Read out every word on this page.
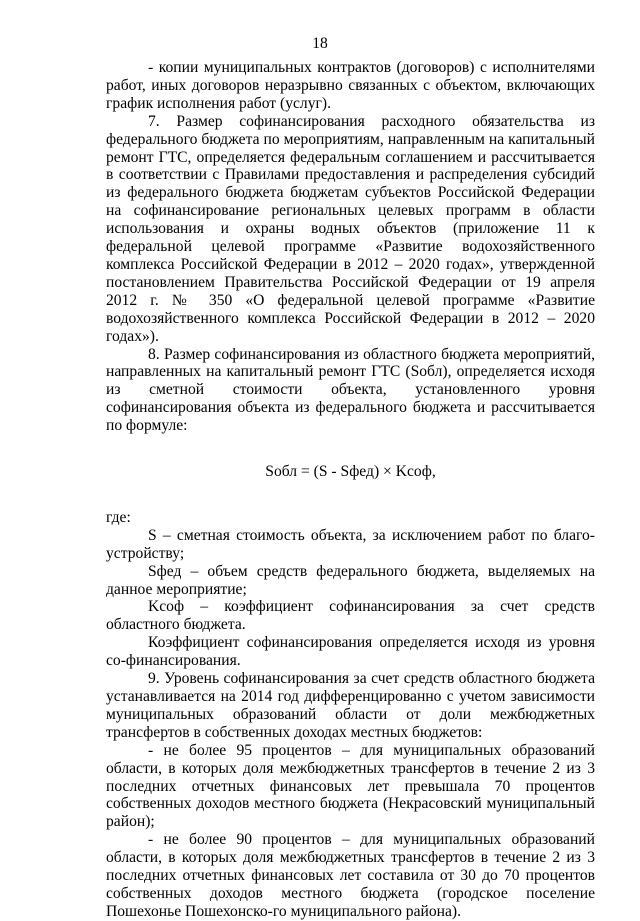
18

- копии муниципальных контрактов (договоров) с исполнителями работ, иных договоров неразрывно связанных с объектом, включающих график исполнения работ (услуг).

7. Размер софинансирования расходного обязательства из федерального бюджета по мероприятиям, направленным на капитальный ремонт ГТС, определяется федеральным соглашением и рассчитывается в соответствии с Правилами предоставления и распределения субсидий из федерального бюджета бюджетам субъектов Российской Федерации на софинансирование региональных целевых программ в области использования и охраны водных объектов (приложение 11 к федеральной целевой программе «Развитие водохозяйственного комплекса Российской Федерации в 2012 – 2020 годах», утвержденной постановлением Правительства Российской Федерации от 19 апреля 2012 г. № 350 «О федеральной целевой программе «Развитие водохозяйственного комплекса Российской Федерации в 2012 – 2020 годах»).

8. Размер софинансирования из областного бюджета мероприятий, направленных на капитальный ремонт ГТС (Sобл), определяется исходя из сметной стоимости объекта, установленного уровня софинансирования объекта из федерального бюджета и рассчитывается по формуле:

Sобл = (S - Sфед) × Kсоф,

где:

S – сметная стоимость объекта, за исключением работ по благо-устройству;

Sфед – объем средств федерального бюджета, выделяемых на данное мероприятие;

Kсоф – коэффициент софинансирования за счет средств областного бюджета.

Коэффициент софинансирования определяется исходя из уровня со-финансирования.

9. Уровень софинансирования за счет средств областного бюджета устанавливается на 2014 год дифференцированно с учетом зависимости муниципальных образований области от доли межбюджетных трансфертов в собственных доходах местных бюджетов:

- не более 95 процентов – для муниципальных образований области, в которых доля межбюджетных трансфертов в течение 2 из 3 последних отчетных финансовых лет превышала 70 процентов собственных доходов местного бюджета (Некрасовский муниципальный район);

- не более 90 процентов – для муниципальных образований области, в которых доля межбюджетных трансфертов в течение 2 из 3 последних отчетных финансовых лет составила от 30 до 70 процентов собственных доходов местного бюджета (городское поселение Пошехонье Пошехонско-го муниципального района).
